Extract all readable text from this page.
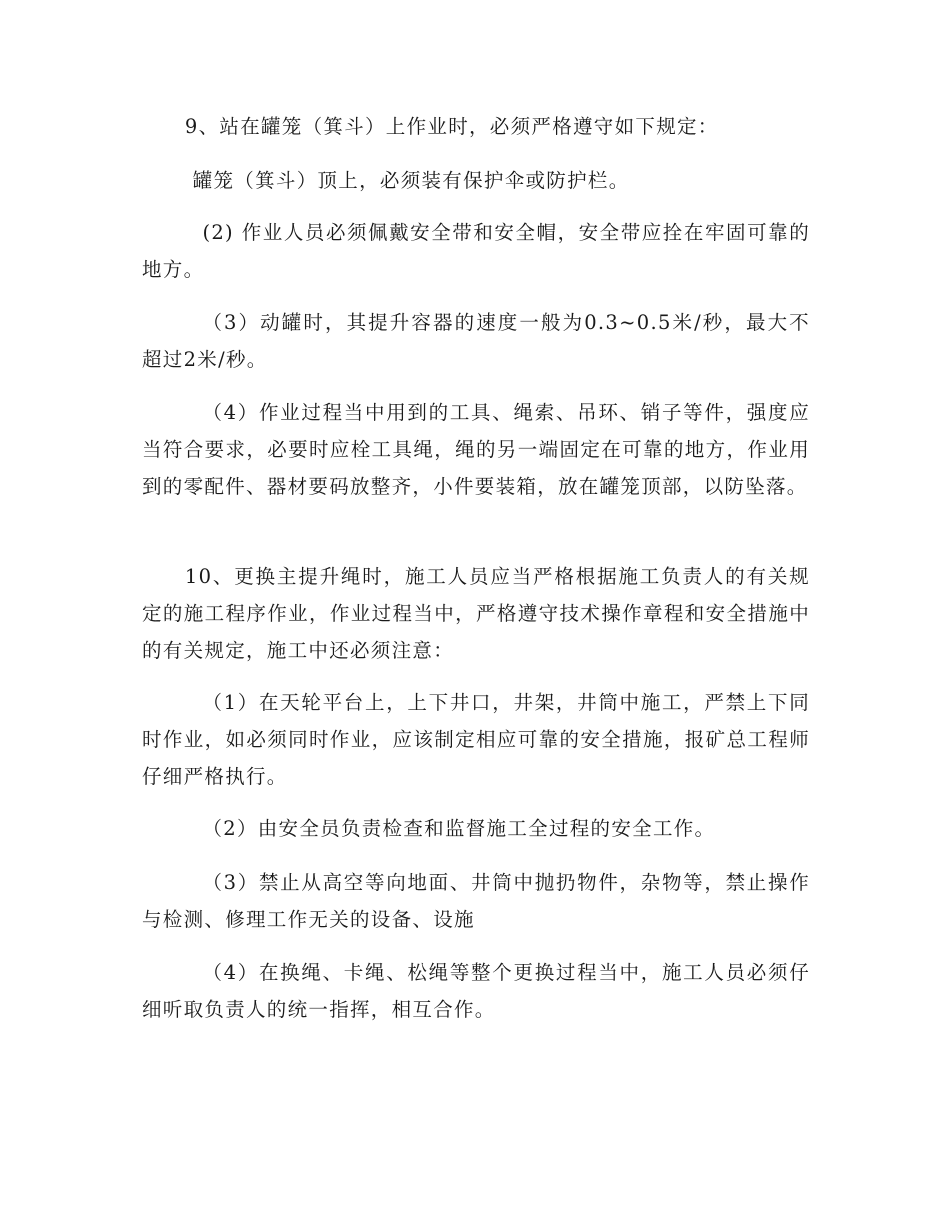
9、站在罐笼（箕斗）上作业时，必须严格遵守如下规定：

罐笼（箕斗）顶上，必须装有保护伞或防护栏。

(2) 作业人员必须佩戴安全带和安全帽，安全带应拴在牢固可靠的地方。

（3）动罐时，其提升容器的速度一般为0.3~0.5米/秒，最大不超过2米/秒。

（4）作业过程当中用到的工具、绳索、吊环、销子等件，强度应当符合要求，必要时应栓工具绳，绳的另一端固定在可靠的地方，作业用到的零配件、器材要码放整齐，小件要装箱，放在罐笼顶部，以防坠落。

10、更换主提升绳时，施工人员应当严格根据施工负责人的有关规定的施工程序作业，作业过程当中，严格遵守技术操作章程和安全措施中的有关规定，施工中还必须注意：

（1）在天轮平台上，上下井口，井架，井筒中施工，严禁上下同时作业，如必须同时作业，应该制定相应可靠的安全措施，报矿总工程师仔细严格执行。

（2）由安全员负责检查和监督施工全过程的安全工作。

（3）禁止从高空等向地面、井筒中抛扔物件，杂物等，禁止操作与检测、修理工作无关的设备、设施

（4）在换绳、卡绳、松绳等整个更换过程当中，施工人员必须仔细听取负责人的统一指挥，相互合作。
